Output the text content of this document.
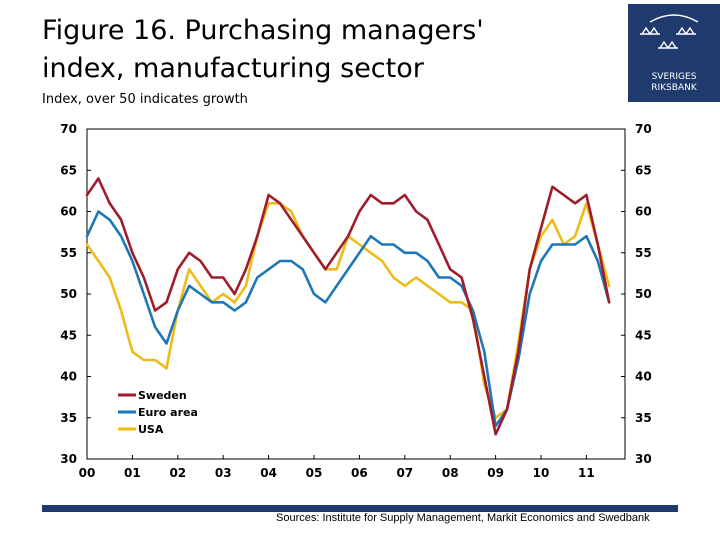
Figure 16. Purchasing managers'
index, manufacturing sector
Index, over 50 indicates growth
SVERIGES
RIKSBANK
30	30
35	35
40	40
45	45
50	50
55	55
60	60
65	65
70	70
00 01 02 03 04 05 06 07 08 09 10 11
Sweden
Euro area
USA
Sources: Institute for Supply Management, Markit Economics and Swedbank
